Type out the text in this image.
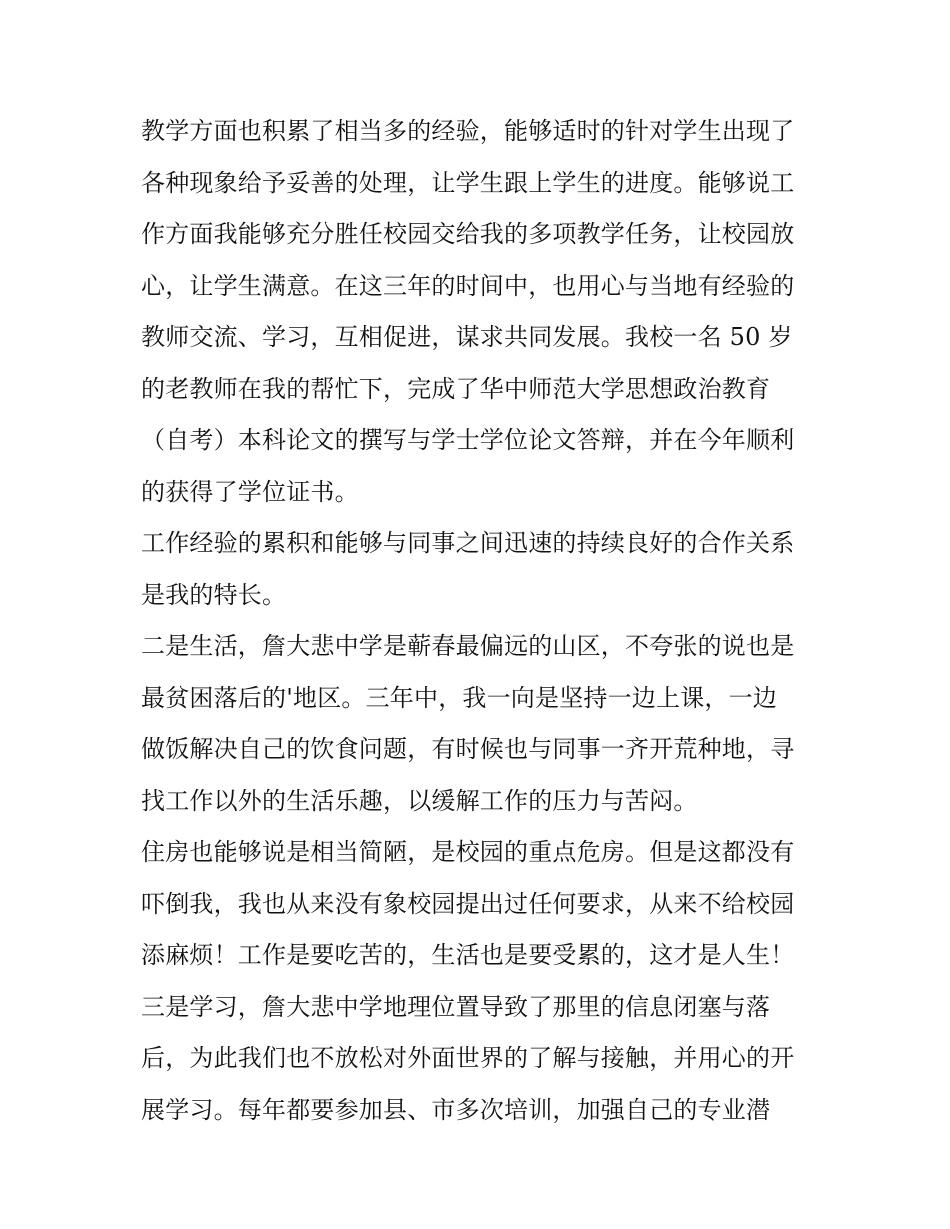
教学方面也积累了相当多的经验，能够适时的针对学生出现了
各种现象给予妥善的处理，让学生跟上学生的进度。能够说工
作方面我能够充分胜任校园交给我的多项教学任务，让校园放
心，让学生满意。在这三年的时间中，也用心与当地有经验的
教师交流、学习，互相促进，谋求共同发展。我校一名 50 岁
的老教师在我的帮忙下，完成了华中师范大学思想政治教育
（自考）本科论文的撰写与学士学位论文答辩，并在今年顺利
的获得了学位证书。
工作经验的累积和能够与同事之间迅速的持续良好的合作关系
是我的特长。
二是生活，詹大悲中学是蕲春最偏远的山区，不夸张的说也是
最贫困落后的'地区。三年中，我一向是坚持一边上课，一边
做饭解决自己的饮食问题，有时候也与同事一齐开荒种地，寻
找工作以外的生活乐趣，以缓解工作的压力与苦闷。
住房也能够说是相当简陋，是校园的重点危房。但是这都没有
吓倒我，我也从来没有象校园提出过任何要求，从来不给校园
添麻烦！工作是要吃苦的，生活也是要受累的，这才是人生！
三是学习，詹大悲中学地理位置导致了那里的信息闭塞与落
后，为此我们也不放松对外面世界的了解与接触，并用心的开
展学习。每年都要参加县、市多次培训，加强自己的专业潜
